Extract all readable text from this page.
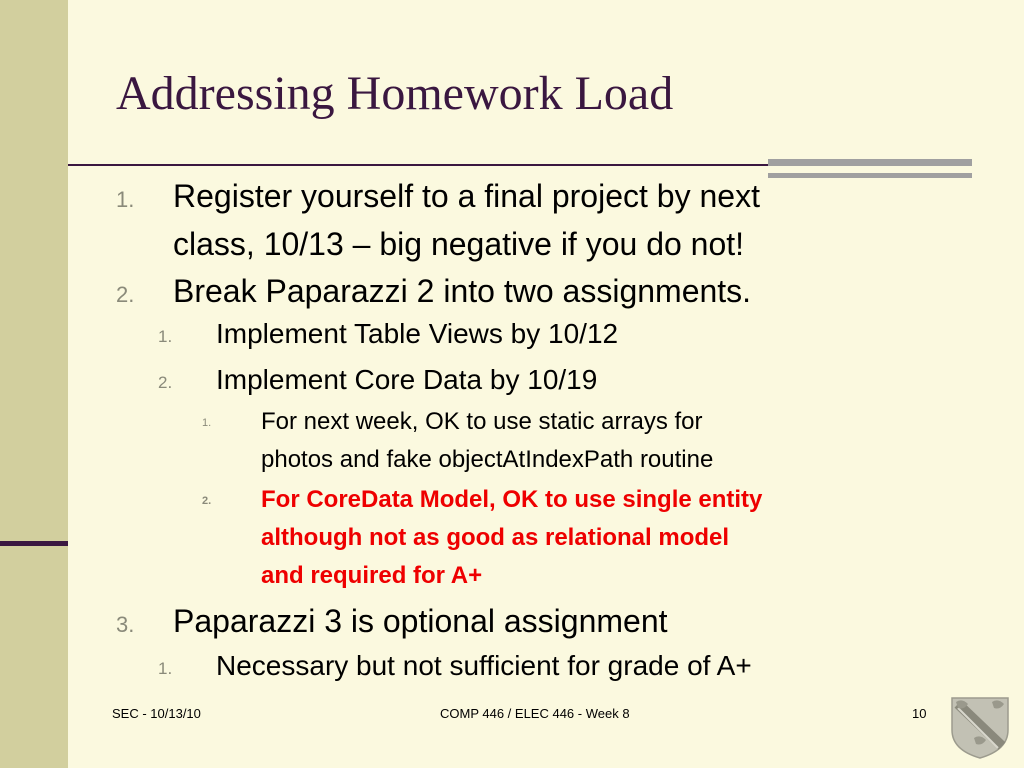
Addressing Homework Load
1. Register yourself to a final project by next
class, 10/13 – big negative if you do not!
2. Break Paparazzi 2 into two assignments.
1. Implement Table Views by 10/12
2. Implement Core Data by 10/19
1. For next week, OK to use static arrays for
photos and fake objectAtIndexPath routine
2. For CoreData Model, OK to use single entity
although not as good as relational model
and required for A+
3. Paparazzi 3 is optional assignment
1. Necessary but not sufficient for grade of A+
SEC - 10/13/10	COMP 446 / ELEC 446 - Week 8	10
